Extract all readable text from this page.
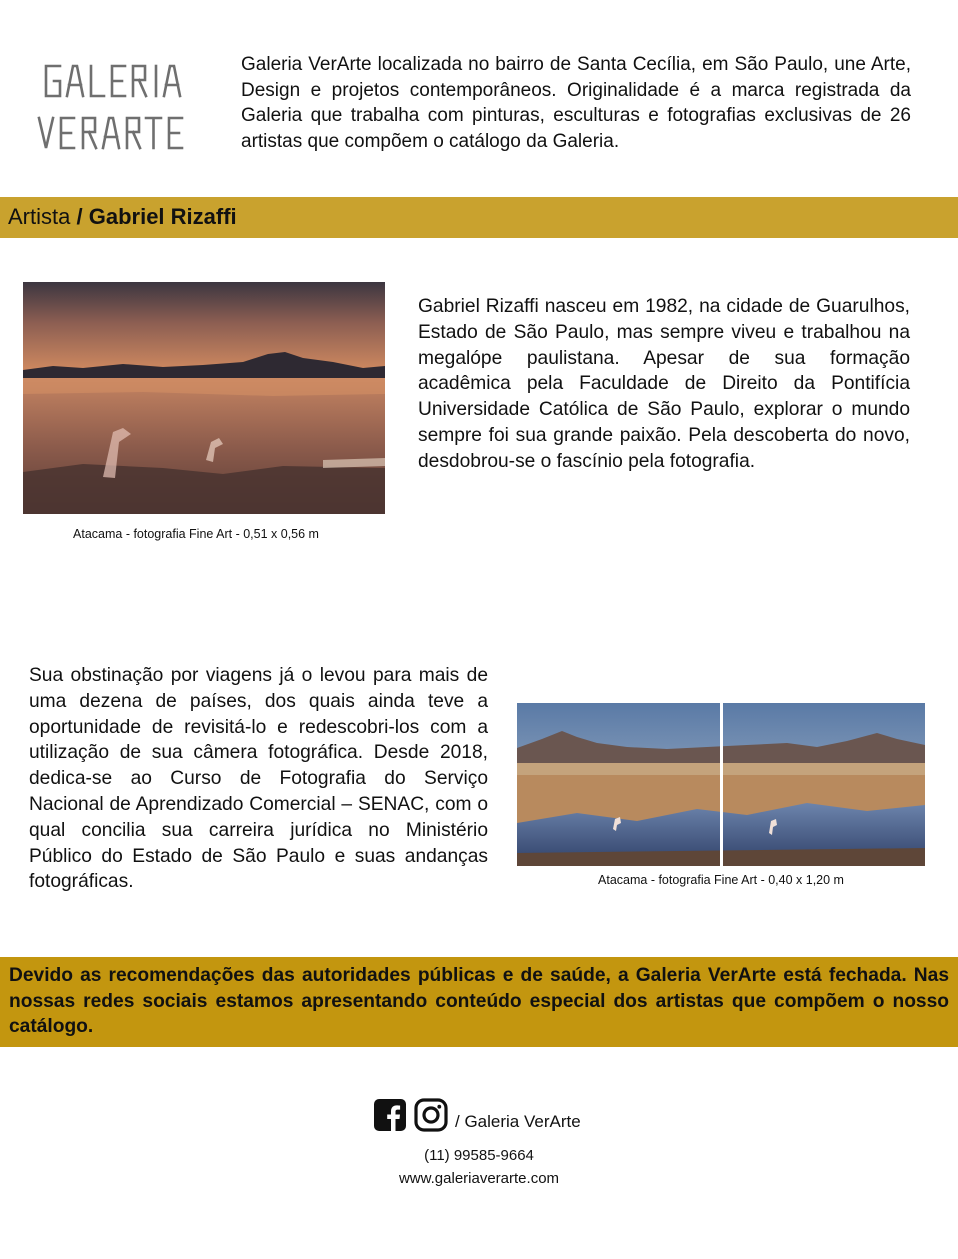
Galeria VerArte localizada no bairro de Santa Cecília, em São Paulo, une Arte, Design e projetos contemporâneos. Originalidade é a marca registrada da Galeria que trabalha com pinturas, esculturas e fotografias exclusivas de 26 artistas que compõem o catálogo da Galeria.
Artista / Gabriel Rizaffi
Atacama - fotografia Fine Art - 0,51 x 0,56 m
Gabriel Rizaffi nasceu em 1982, na cidade de Guarulhos, Estado de São Paulo, mas sempre viveu e trabalhou na megalópe paulistana. Apesar de sua formação acadêmica pela Faculdade de Direito da Pontifícia Universidade Católica de São Paulo, explorar o mundo sempre foi sua grande paixão. Pela descoberta do novo, desdobrou-se o fascínio pela fotografia.
Sua obstinação por viagens já o levou para mais de uma dezena de países, dos quais ainda teve a oportunidade de revisitá-lo e redescobri-los com a utilização de sua câmera fotográfica. Desde 2018, dedica-se ao Curso de Fotografia do Serviço Nacional de Aprendizado Comercial – SENAC, com o qual concilia sua carreira jurídica no Ministério Público do Estado de São Paulo e suas andanças fotográficas.	Atacama - fotografia Fine Art - 0,40 x 1,20 m
Devido as recomendações das autoridades públicas e de saúde, a Galeria VerArte está fechada. Nas nossas redes sociais estamos apresentando conteúdo especial dos artistas que compõem o nosso catálogo.

/ Galeria VerArte
(11) 99585-9664
www.galeriaverarte.com
